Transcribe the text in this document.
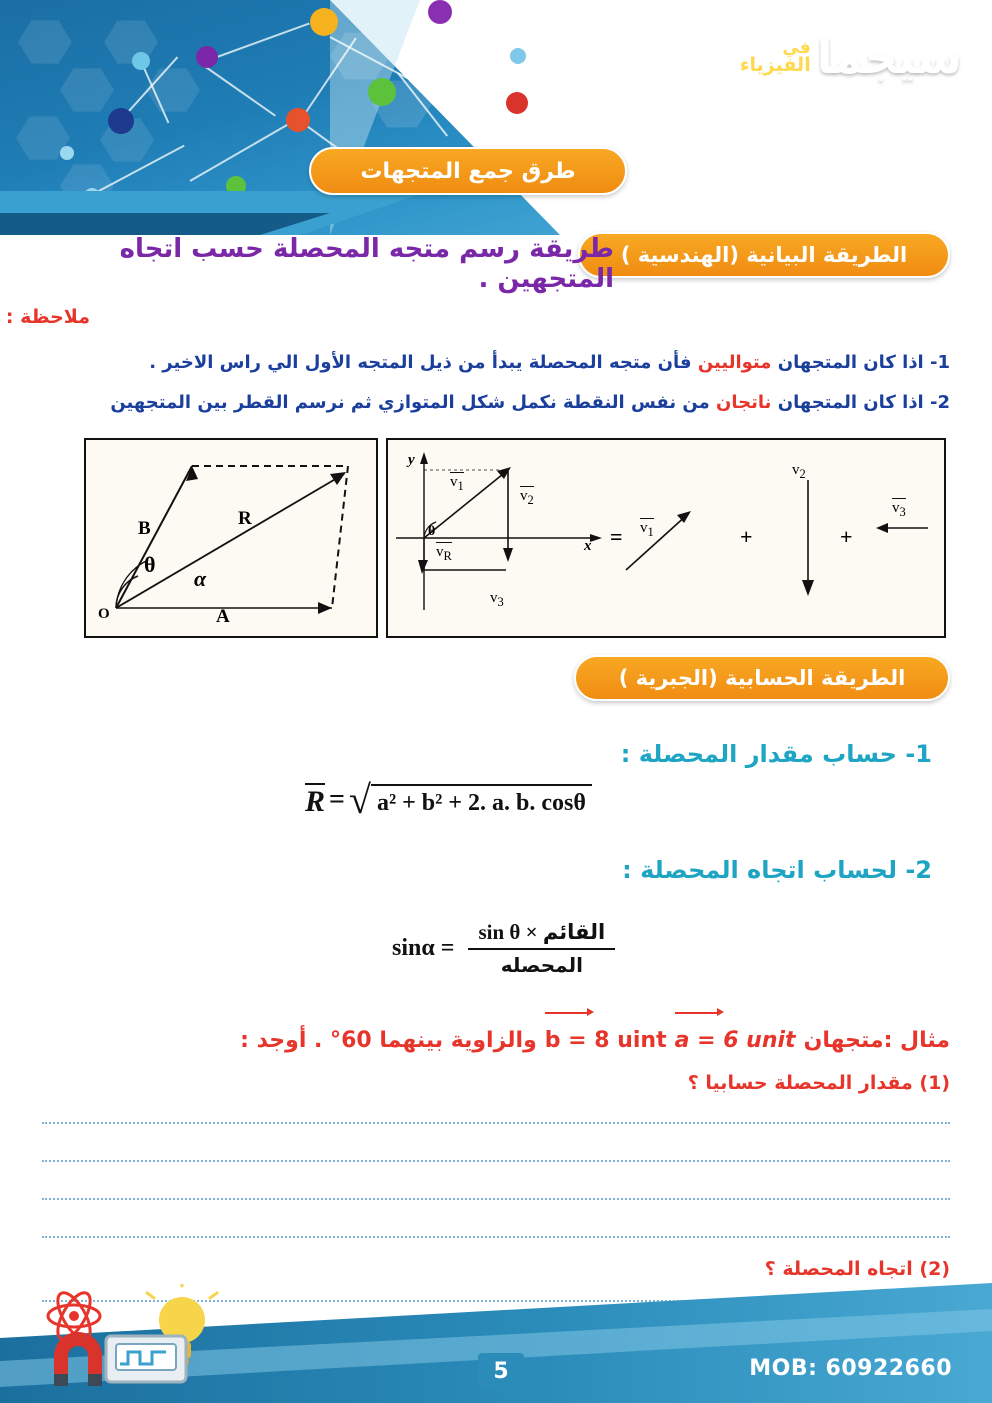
سيجما
في
الفيزياء
إعداد : ياسر جاد
طرق جمع المتجهات
الطريقة البيانية (الهندسية )
طريقة رسم متجه المحصلة حسب اتجاه المتجهين .
ملاحظة :
1- اذا كان المتجهان متواليين فأن متجه المحصلة يبدأ من ذيل المتجه الأول الي راس الاخير .
2- اذا كان المتجهان ناتجان من نفس النقطة نكمل شكل المتوازي ثم نرسم القطر بين المتجهين
B	R
A
O
θ
α
y
x
$v_1$
$v_2$
$v_R$
$v_3$
θ	=	+	+
$v_1$
$v_2$
$v_3$
الطريقة الحسابية (الجبرية )
1- حساب مقدار المحصلة :
R = √ a² + b² + 2. a. b. cosθ
2- لحساب اتجاه المحصلة :
sinα =
sin θ × القائم
المحصله
مثال :متجهان
a = 6 unit
b = 8 uint
والزاوية بينهما 60° . أوجد :
(1) مقدار المحصلة حسابيا ؟
(2) اتجاه المحصلة ؟
MOB: 60922660
5
